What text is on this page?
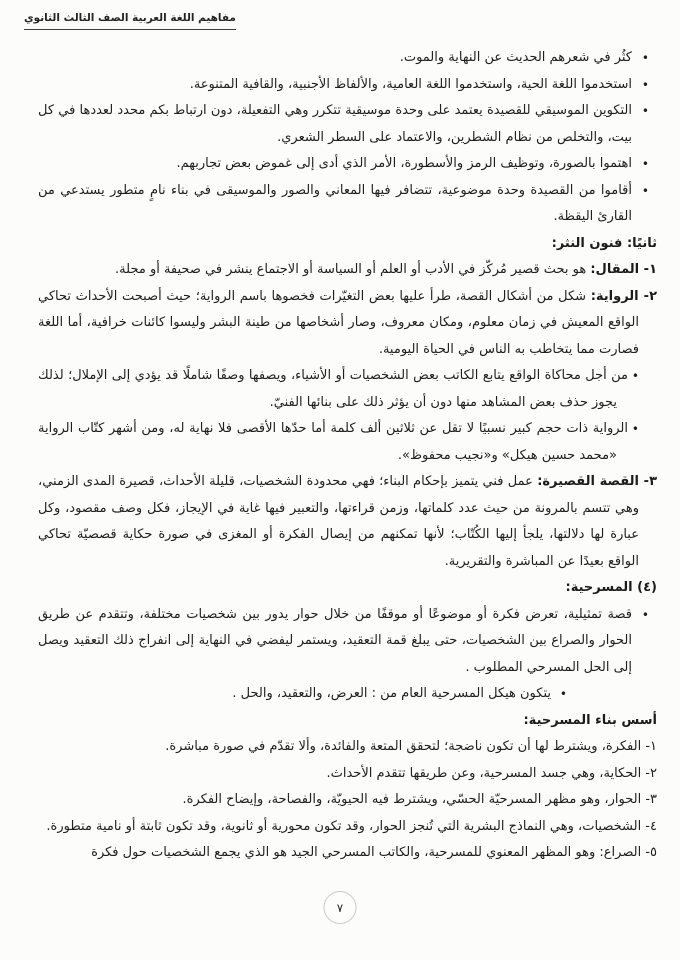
مفاهيم اللغة العربية الصف الثالث الثانوي
•
كثُر في شعرهم الحديث عن النهاية والموت.
•
استخدموا اللغة الحية، واستخدموا اللغة العامية، والألفاظ الأجنبية، والقافية المتنوعة.
•
التكوين الموسيقي للقصيدة يعتمد على وحدة موسيقية تتكرر وهي التفعيلة، دون ارتباط بكم محدد لعددها في كل بيت، والتخلص من نظام الشطرين، والاعتماد على السطر الشعري.
•
اهتموا بالصورة، وتوظيف الرمز والأسطورة، الأمر الذي أدى إلى غموض بعض تجاربهم.
•
أقاموا من القصيدة وحدة موضوعية، تتضافر فيها المعاني والصور والموسيقى في بناء نامٍ متطور يستدعي من القارئ اليقظة.
ثانيًا: فنون النثر:
١- المقال: هو بحث قصير مُركّز في الأدب أو العلم أو السياسة أو الاجتماع ينشر في صحيفة أو مجلة.
٢- الرواية: شكل من أشكال القصة، طرأ عليها بعض التغيّرات فخصوها باسم الرواية؛ حيث أصبحت الأحداث تحاكي الواقع المعيش في زمان معلوم، ومكان معروف، وصار أشخاصها من طينة البشر وليسوا كائنات خرافية، أما اللغة فصارت مما يتخاطب به الناس في الحياة اليومية.
•
من أجل محاكاة الواقع يتابع الكاتب بعض الشخصيات أو الأشياء، ويصفها وصفًا شاملًا قد يؤدي إلى الإملال؛ لذلك يجوز حذف بعض المشاهد منها دون أن يؤثر ذلك على بنائها الفنيّ.
•
الرواية ذات حجم كبير نسبيًا لا تقل عن ثلاثين ألف كلمة أما حدّها الأقصى فلا نهاية له، ومن أشهر كتّاب الرواية «محمد حسين هيكل» و«نجيب محفوظ».
٣- القصة القصيرة: عمل فني يتميز بإحكام البناء؛ فهي محدودة الشخصيات، قليلة الأحداث، قصيرة المدى الزمني، وهي تتسم بالمرونة من حيث عدد كلماتها، وزمن قراءتها، والتعبير فيها غاية في الإيجاز، فكل وصف مقصود، وكل عبارة لها دلالتها، يلجأ إليها الكُتّاب؛ لأنها تمكنهم من إيصال الفكرة أو المغزى في صورة حكاية قصصيّة تحاكي الواقع بعيدًا عن المباشرة والتقريرية.
(٤) المسرحية:
•
قصة تمثيلية، تعرض فكرة أو موضوعًا أو موقفًا من خلال حوار يدور بين شخصيات مختلفة، وتتقدم عن طريق الحوار والصراع بين الشخصيات، حتى يبلغ قمة التعقيد، ويستمر ليفضي في النهاية إلى انفراج ذلك التعقيد ويصل إلى الحل المسرحي المطلوب .
•
يتكون هيكل المسرحية العام من : العرض، والتعقيد، والحل .
أسس بناء المسرحية:
١- الفكرة، ويشترط لها أن تكون ناضجة؛ لتحقق المتعة والفائدة، وألا تقدّم في صورة مباشرة.
٢- الحكاية، وهي جسد المسرحية، وعن طريقها تتقدم الأحداث.
٣- الحوار، وهو مظهر المسرحيّة الحسّي، ويشترط فيه الحيويّة، والفصاحة، وإيضاح الفكرة.
٤- الشخصيات، وهي النماذج البشرية التي تُنجز الحوار، وقد تكون محورية أو ثانوية، وقد تكون ثابتة أو نامية متطورة.
٥- الصراع: وهو المظهر المعنوي للمسرحية، والكاتب المسرحي الجيد هو الذي يجمع الشخصيات حول فكرة
٧
